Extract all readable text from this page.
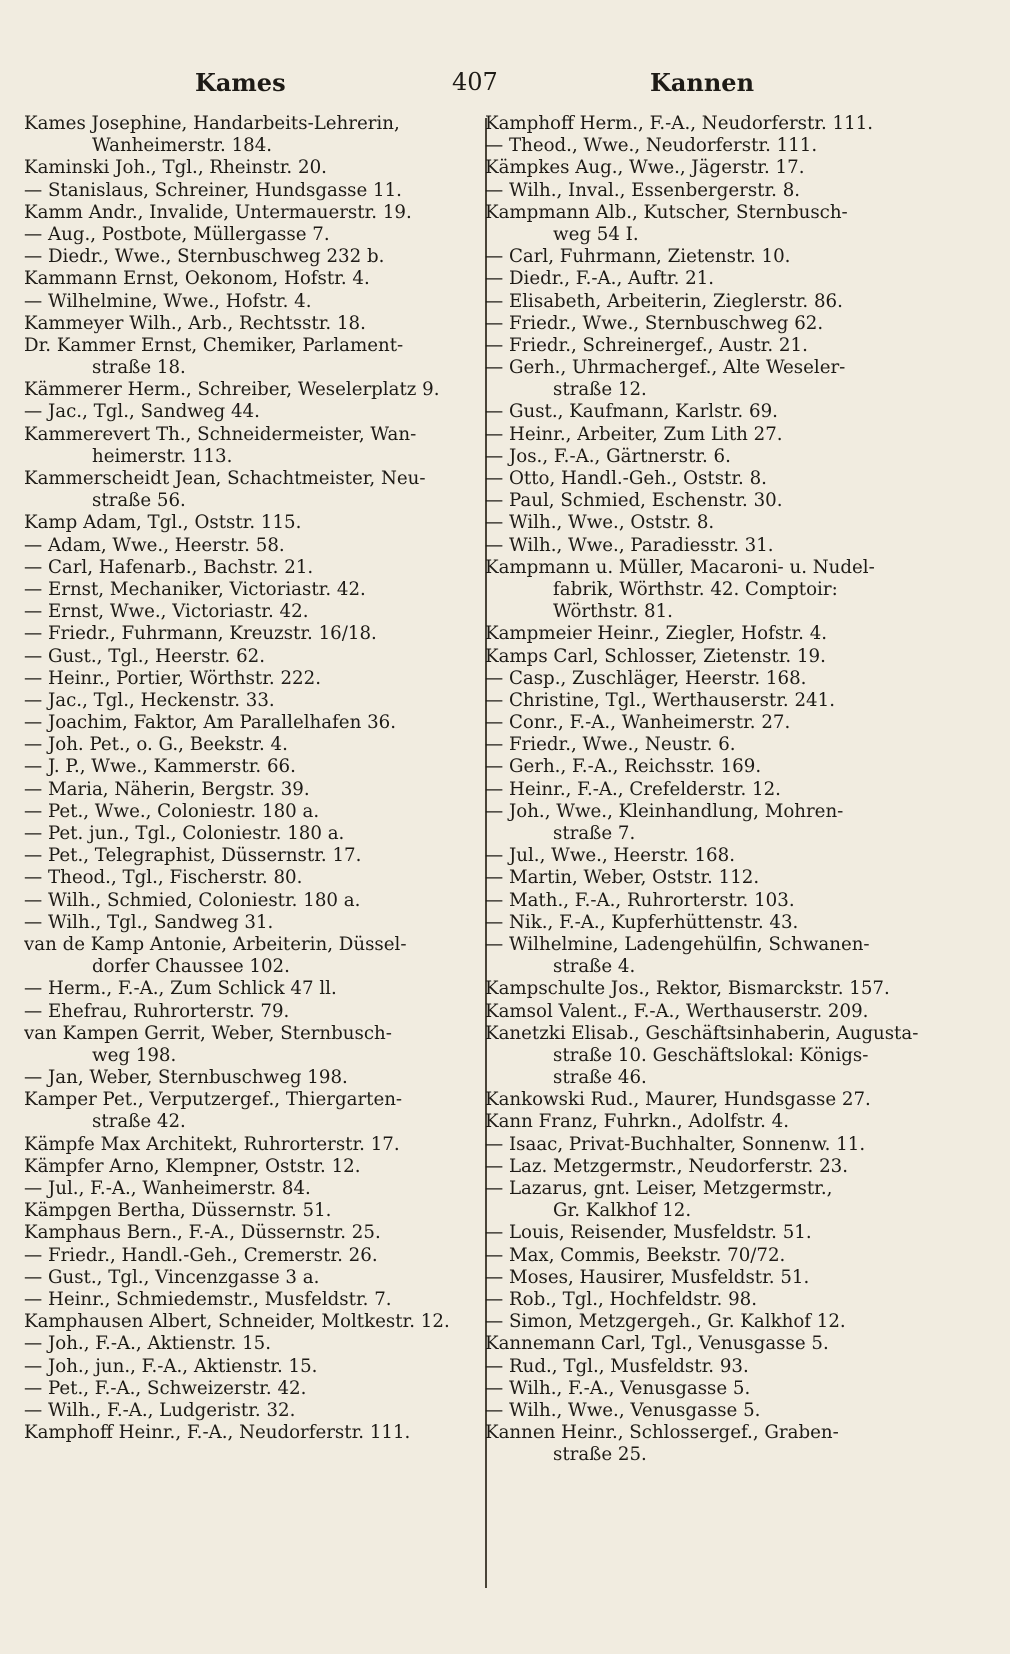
Kames	407	Kannen
Kames Josephine, Handarbeits-Lehrerin,
Wanheimerstr. 184.
Kaminski Joh., Tgl., Rheinstr. 20.
— Stanislaus, Schreiner, Hundsgasse 11.
Kamm Andr., Invalide, Untermauerstr. 19.
— Aug., Postbote, Müllergasse 7.
— Diedr., Wwe., Sternbuschweg 232 b.
Kammann Ernst, Oekonom, Hofstr. 4.
— Wilhelmine, Wwe., Hofstr. 4.
Kammeyer Wilh., Arb., Rechtsstr. 18.
Dr. Kammer Ernst, Chemiker, Parlament-
straße 18.
Kämmerer Herm., Schreiber, Weselerplatz 9.
— Jac., Tgl., Sandweg 44.
Kammerevert Th., Schneidermeister, Wan-
heimerstr. 113.
Kammerscheidt Jean, Schachtmeister, Neu-
straße 56.
Kamp Adam, Tgl., Oststr. 115.
— Adam, Wwe., Heerstr. 58.
— Carl, Hafenarb., Bachstr. 21.
— Ernst, Mechaniker, Victoriastr. 42.
— Ernst, Wwe., Victoriastr. 42.
— Friedr., Fuhrmann, Kreuzstr. 16/18.
— Gust., Tgl., Heerstr. 62.
— Heinr., Portier, Wörthstr. 222.
— Jac., Tgl., Heckenstr. 33.
— Joachim, Faktor, Am Parallelhafen 36.
— Joh. Pet., o. G., Beekstr. 4.
— J. P., Wwe., Kammerstr. 66.
— Maria, Näherin, Bergstr. 39.
— Pet., Wwe., Coloniestr. 180 a.
— Pet. jun., Tgl., Coloniestr. 180 a.
— Pet., Telegraphist, Düssernstr. 17.
— Theod., Tgl., Fischerstr. 80.
— Wilh., Schmied, Coloniestr. 180 a.
— Wilh., Tgl., Sandweg 31.
van de Kamp Antonie, Arbeiterin, Düssel-
dorfer Chaussee 102.
— Herm., F.-A., Zum Schlick 47 ll.
— Ehefrau, Ruhrorterstr. 79.
van Kampen Gerrit, Weber, Sternbusch-
weg 198.
— Jan, Weber, Sternbuschweg 198.
Kamper Pet., Verputzergef., Thiergarten-
straße 42.
Kämpfe Max Architekt, Ruhrorterstr. 17.
Kämpfer Arno, Klempner, Oststr. 12.
— Jul., F.-A., Wanheimerstr. 84.
Kämpgen Bertha, Düssernstr. 51.
Kamphaus Bern., F.-A., Düssernstr. 25.
— Friedr., Handl.-Geh., Cremerstr. 26.
— Gust., Tgl., Vincenzgasse 3 a.
— Heinr., Schmiedemstr., Musfeldstr. 7.
Kamphausen Albert, Schneider, Moltkestr. 12.
— Joh., F.-A., Aktienstr. 15.
— Joh., jun., F.-A., Aktienstr. 15.
— Pet., F.-A., Schweizerstr. 42.
— Wilh., F.-A., Ludgeristr. 32.
Kamphoff Heinr., F.-A., Neudorferstr. 111.
Kamphoff Herm., F.-A., Neudorferstr. 111.
— Theod., Wwe., Neudorferstr. 111.
Kämpkes Aug., Wwe., Jägerstr. 17.
— Wilh., Inval., Essenbergerstr. 8.
Kampmann Alb., Kutscher, Sternbusch-
weg 54 I.
— Carl, Fuhrmann, Zietenstr. 10.
— Diedr., F.-A., Auftr. 21.
— Elisabeth, Arbeiterin, Zieglerstr. 86.
— Friedr., Wwe., Sternbuschweg 62.
— Friedr., Schreinergef., Austr. 21.
— Gerh., Uhrmachergef., Alte Weseler-
straße 12.
— Gust., Kaufmann, Karlstr. 69.
— Heinr., Arbeiter, Zum Lith 27.
— Jos., F.-A., Gärtnerstr. 6.
— Otto, Handl.-Geh., Oststr. 8.
— Paul, Schmied, Eschenstr. 30.
— Wilh., Wwe., Oststr. 8.
— Wilh., Wwe., Paradiesstr. 31.
Kampmann u. Müller, Macaroni- u. Nudel-
fabrik, Wörthstr. 42. Comptoir:
Wörthstr. 81.
Kampmeier Heinr., Ziegler, Hofstr. 4.
Kamps Carl, Schlosser, Zietenstr. 19.
— Casp., Zuschläger, Heerstr. 168.
— Christine, Tgl., Werthauserstr. 241.
— Conr., F.-A., Wanheimerstr. 27.
— Friedr., Wwe., Neustr. 6.
— Gerh., F.-A., Reichsstr. 169.
— Heinr., F.-A., Crefelderstr. 12.
— Joh., Wwe., Kleinhandlung, Mohren-
straße 7.
— Jul., Wwe., Heerstr. 168.
— Martin, Weber, Oststr. 112.
— Math., F.-A., Ruhrorterstr. 103.
— Nik., F.-A., Kupferhüttenstr. 43.
— Wilhelmine, Ladengehülfin, Schwanen-
straße 4.
Kampschulte Jos., Rektor, Bismarckstr. 157.
Kamsol Valent., F.-A., Werthauserstr. 209.
Kanetzki Elisab., Geschäftsinhaberin, Augusta-
straße 10. Geschäftslokal: Königs-
straße 46.
Kankowski Rud., Maurer, Hundsgasse 27.
Kann Franz, Fuhrkn., Adolfstr. 4.
— Isaac, Privat-Buchhalter, Sonnenw. 11.
— Laz. Metzgermstr., Neudorferstr. 23.
— Lazarus, gnt. Leiser, Metzgermstr.,
Gr. Kalkhof 12.
— Louis, Reisender, Musfeldstr. 51.
— Max, Commis, Beekstr. 70/72.
— Moses, Hausirer, Musfeldstr. 51.
— Rob., Tgl., Hochfeldstr. 98.
— Simon, Metzgergeh., Gr. Kalkhof 12.
Kannemann Carl, Tgl., Venusgasse 5.
— Rud., Tgl., Musfeldstr. 93.
— Wilh., F.-A., Venusgasse 5.
— Wilh., Wwe., Venusgasse 5.
Kannen Heinr., Schlossergef., Graben-
straße 25.
